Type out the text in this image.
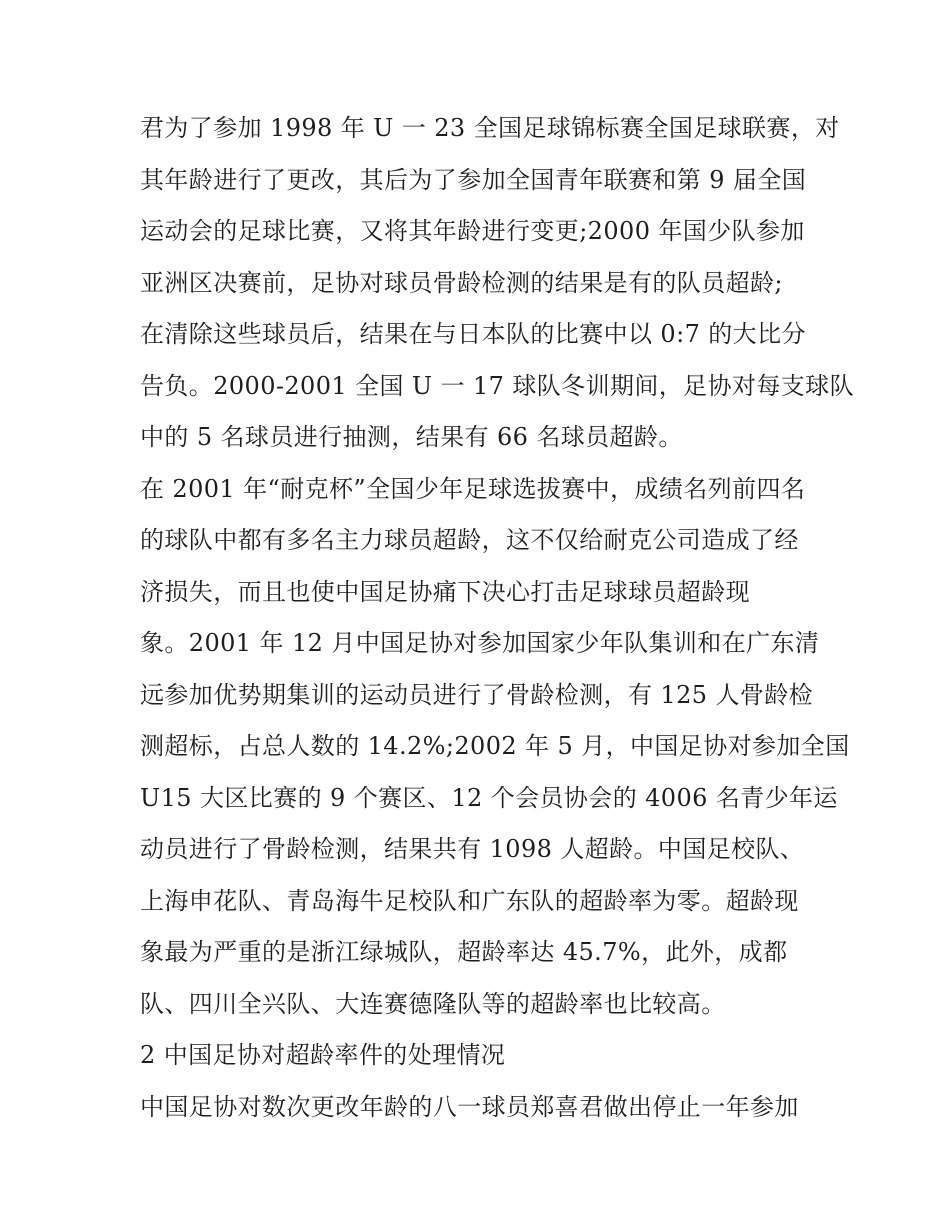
君为了参加 1998 年 U 一 23 全国足球锦标赛全国足球联赛，对

其年龄进行了更改，其后为了参加全国青年联赛和第 9 届全国

运动会的足球比赛，又将其年龄进行变更;2000 年国少队参加

亚洲区决赛前，足协对球员骨龄检测的结果是有的队员超龄;

在清除这些球员后，结果在与日本队的比赛中以 0:7 的大比分

告负。2000-2001 全国 U 一 17 球队冬训期间，足协对每支球队

中的 5 名球员进行抽测，结果有 66 名球员超龄。

在 2001 年“耐克杯”全国少年足球选拔赛中，成绩名列前四名

的球队中都有多名主力球员超龄，这不仅给耐克公司造成了经

济损失，而且也使中国足协痛下决心打击足球球员超龄现

象。2001 年 12 月中国足协对参加国家少年队集训和在广东清

远参加优势期集训的运动员进行了骨龄检测，有 125 人骨龄检

测超标，占总人数的 14.2%;2002 年 5 月，中国足协对参加全国

U15 大区比赛的 9 个赛区、12 个会员协会的 4006 名青少年运

动员进行了骨龄检测，结果共有 1098 人超龄。中国足校队、

上海申花队、青岛海牛足校队和广东队的超龄率为零。超龄现

象最为严重的是浙江绿城队，超龄率达 45.7%，此外，成都

队、四川全兴队、大连赛德隆队等的超龄率也比较高。

2 中国足协对超龄率件的处理情况

中国足协对数次更改年龄的八一球员郑喜君做出停止一年参加
